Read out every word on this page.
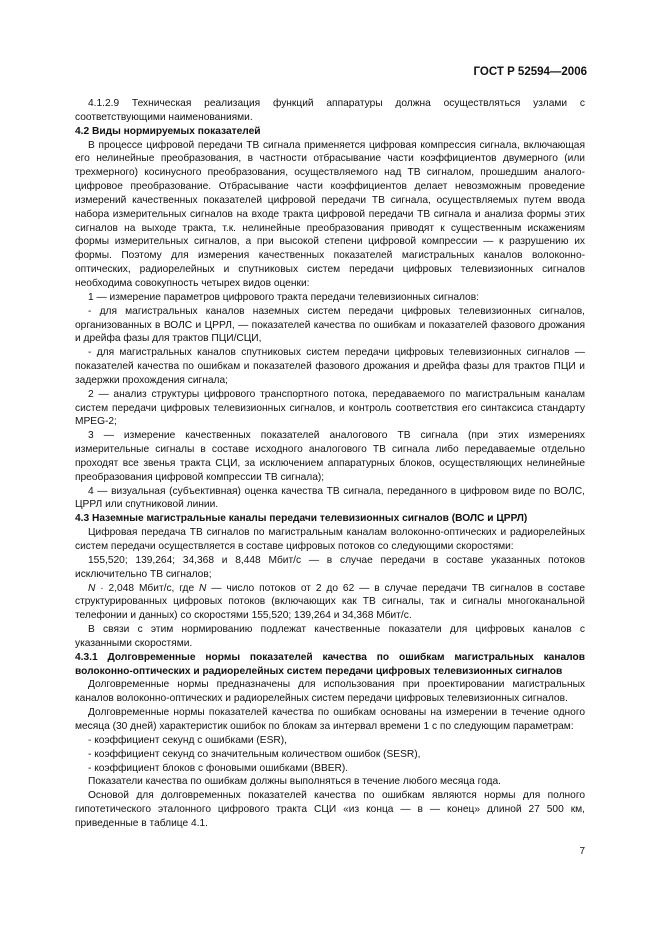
ГОСТ Р 52594—2006

4.1.2.9 Техническая реализация функций аппаратуры должна осуществляться узлами с соответствующими наименованиями.

4.2 Виды нормируемых показателей

В процессе цифровой передачи ТВ сигнала применяется цифровая компрессия сигнала, включающая его нелинейные преобразования, в частности отбрасывание части коэффициентов двумерного (или трехмерного) косинусного преобразования, осуществляемого над ТВ сигналом, прошедшим аналого-цифровое преобразование. Отбрасывание части коэффициентов делает невозможным проведение измерений качественных показателей цифровой передачи ТВ сигнала, осуществляемых путем ввода набора измерительных сигналов на входе тракта цифровой передачи ТВ сигнала и анализа формы этих сигналов на выходе тракта, т.к. нелинейные преобразования приводят к существенным искажениям формы измерительных сигналов, а при высокой степени цифровой компрессии — к разрушению их формы. Поэтому для измерения качественных показателей магистральных каналов волоконно-оптических, радиорелейных и спутниковых систем передачи цифровых телевизионных сигналов необходима совокупность четырех видов оценки:

1 — измерение параметров цифрового тракта передачи телевизионных сигналов:

- для магистральных каналов наземных систем передачи цифровых телевизионных сигналов, организованных в ВОЛС и ЦРРЛ, — показателей качества по ошибкам и показателей фазового дрожания и дрейфа фазы для трактов ПЦИ/СЦИ,

- для магистральных каналов спутниковых систем передачи цифровых телевизионных сигналов — показателей качества по ошибкам и показателей фазового дрожания и дрейфа фазы для трактов ПЦИ и задержки прохождения сигнала;

2 — анализ структуры цифрового транспортного потока, передаваемого по магистральным каналам систем передачи цифровых телевизионных сигналов, и контроль соответствия его синтаксиса стандарту MPEG-2;

3 — измерение качественных показателей аналогового ТВ сигнала (при этих измерениях измерительные сигналы в составе исходного аналогового ТВ сигнала либо передаваемые отдельно проходят все звенья тракта СЦИ, за исключением аппаратурных блоков, осуществляющих нелинейные преобразования цифровой компрессии ТВ сигнала);

4 — визуальная (субъективная) оценка качества ТВ сигнала, переданного в цифровом виде по ВОЛС, ЦРРЛ или спутниковой линии.

4.3 Наземные магистральные каналы передачи телевизионных сигналов (ВОЛС и ЦРРЛ)

Цифровая передача ТВ сигналов по магистральным каналам волоконно-оптических и радиорелейных систем передачи осуществляется в составе цифровых потоков со следующими скоростями:

155,520; 139,264; 34,368 и 8,448 Мбит/с — в случае передачи в составе указанных потоков исключительно ТВ сигналов;

N · 2,048 Мбит/с, где N — число потоков от 2 до 62 — в случае передачи ТВ сигналов в составе структурированных цифровых потоков (включающих как ТВ сигналы, так и сигналы многоканальной телефонии и данных) со скоростями 155,520; 139,264 и 34,368 Мбит/с.

В связи с этим нормированию подлежат качественные показатели для цифровых каналов с указанными скоростями.

4.3.1 Долговременные нормы показателей качества по ошибкам магистральных каналов волоконно-оптических и радиорелейных систем передачи цифровых телевизионных сигналов

Долговременные нормы предназначены для использования при проектировании магистральных каналов волоконно-оптических и радиорелейных систем передачи цифровых телевизионных сигналов.

Долговременные нормы показателей качества по ошибкам основаны на измерении в течение одного месяца (30 дней) характеристик ошибок по блокам за интервал времени 1 с по следующим параметрам:

- коэффициент секунд с ошибками (ESR),

- коэффициент секунд со значительным количеством ошибок (SESR),

- коэффициент блоков с фоновыми ошибками (BBER).

Показатели качества по ошибкам должны выполняться в течение любого месяца года.

Основой для долговременных показателей качества по ошибкам являются нормы для полного гипотетического эталонного цифрового тракта СЦИ «из конца — в — конец» длиной 27 500 км, приведенные в таблице 4.1.

7
